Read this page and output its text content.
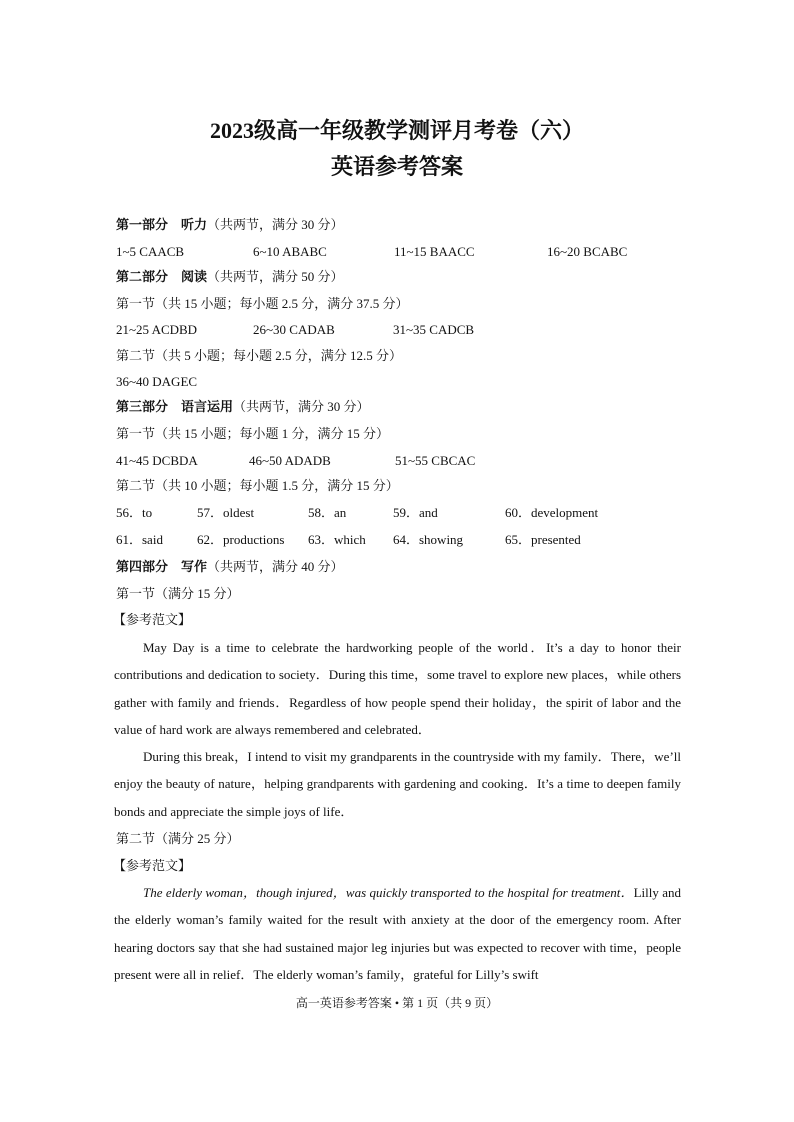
2023级高一年级教学测评月考卷（六）
英语参考答案
第一部分　听力（共两节，满分 30 分）
1~5 CAACB	6~10 ABABC	11~15 BAACC	16~20 BCABC
第二部分　阅读（共两节，满分 50 分）
第一节（共 15 小题；每小题 2.5 分，满分 37.5 分）
21~25 ACDBD	26~30 CADAB	31~35 CADCB
第二节（共 5 小题；每小题 2.5 分，满分 12.5 分）
36~40 DAGEC
第三部分　语言运用（共两节，满分 30 分）
第一节（共 15 小题；每小题 1 分，满分 15 分）
41~45 DCBDA	46~50 ADADB	51~55 CBCAC
第二节（共 10 小题；每小题 1.5 分，满分 15 分）
56．to	57．oldest	58．an	59．and	60．development
61．said	62．productions 63．which 64．showing	65．presented
第四部分　写作（共两节，满分 40 分）
第一节（满分 15 分）
【参考范文】

May Day is a time to celebrate the hardworking people of the world．It’s a day to honor their contributions and dedication to society．During this time，some travel to explore new places，while others gather with family and friends．Regardless of how people spend their holiday，the spirit of labor and the value of hard work are always remembered and celebrated．

During this break，I intend to visit my grandparents in the countryside with my family．There，we’ll enjoy the beauty of nature，helping grandparents with gardening and cooking．It’s a time to deepen family bonds and appreciate the simple joys of life．

第二节（满分 25 分）
【参考范文】

The elderly woman，though injured，was quickly transported to the hospital for treatment．Lilly and the elderly woman’s family waited for the result with anxiety at the door of the emergency room. After hearing doctors say that she had sustained major leg injuries but was expected to recover with time，people present were all in relief．The elderly woman’s family，grateful for Lilly’s swift

高一英语参考答案 • 第 1 页（共 9 页）
